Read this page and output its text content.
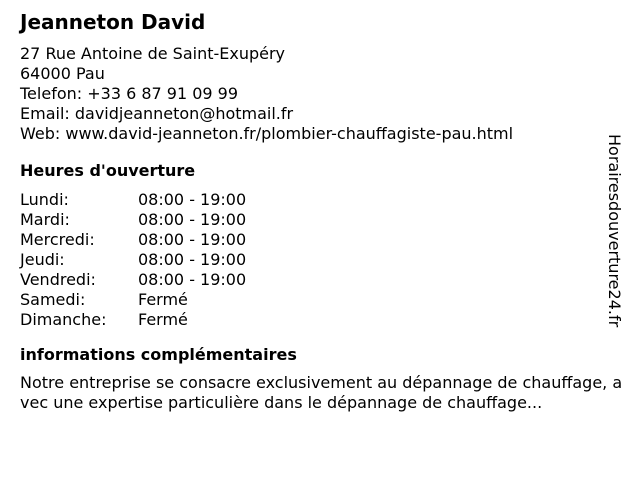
Jeanneton David
27 Rue Antoine de Saint-Exupéry
64000 Pau
Telefon: +33 6 87 91 09 99
Email: davidjeanneton@hotmail.fr
Web: www.david-jeanneton.fr/plombier-chauffagiste-pau.html
Heures d'ouverture
Lundi:	08:00 - 19:00
Mardi:	08:00 - 19:00
Mercredi:	08:00 - 19:00
Jeudi:	08:00 - 19:00
Vendredi:	08:00 - 19:00
Samedi:	Fermé
Dimanche: Fermé
informations complémentaires
Notre entreprise se consacre exclusivement au dépannage de chauffage, avec une expertise particulière dans le dépannage de chauffage...
Horairesdouverture24.fr
